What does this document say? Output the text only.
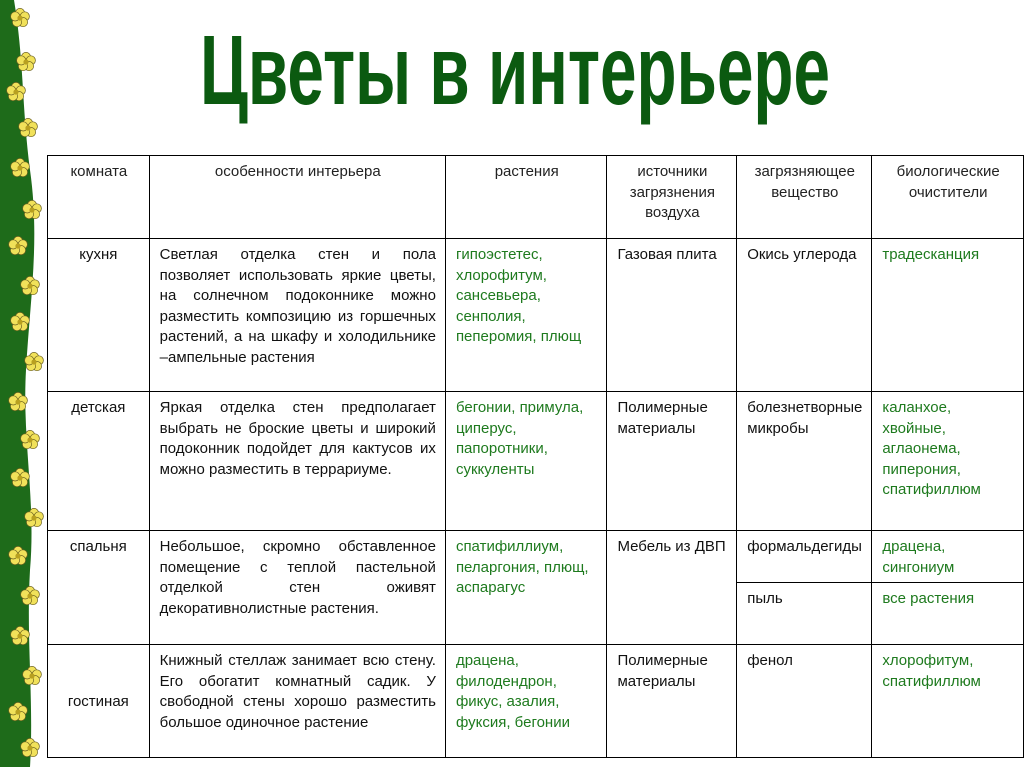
Цветы в интерьере
комната	особенности интерьера	растения	источники загрязнения воздуха	загрязняющее вещество	биологические очистители
кухня	Светлая отделка стен и пола позволяет использовать яркие цветы, на солнечном подоконнике можно разместить композицию из горшечных растений, а на шкафу и холодильнике –ампельные растения	гипоэстетес, хлорофитум, сансевьера, сенполия, пеперомия, плющ	Газовая плита	Окись углерода	традесканция
детская	Яркая отделка стен предполагает выбрать не броские цветы и широкий подоконник подойдет для кактусов их можно разместить в террариуме.	бегонии, примула, циперус, папоротники, суккуленты	Полимерные материалы	болезнетворные микробы	каланхое, хвойные, аглаонема, пиперония, спатифиллюм
спальня	Небольшое, скромно обставленное помещение с теплой пастельной отделкой стен оживят декоративнолистные растения.	спатифиллиум, пеларгония, плющ, аспарагус	Мебель из ДВП	формальдегиды	драцена, сингониум
				пыль	все растения
гостиная	Книжный стеллаж занимает всю стену. Его обогатит комнатный садик. У свободной стены хорошо разместить большое одиночное растение	драцена, филодендрон, фикус, азалия, фуксия, бегонии	Полимерные материалы	фенол	хлорофитум, спатифиллюм
